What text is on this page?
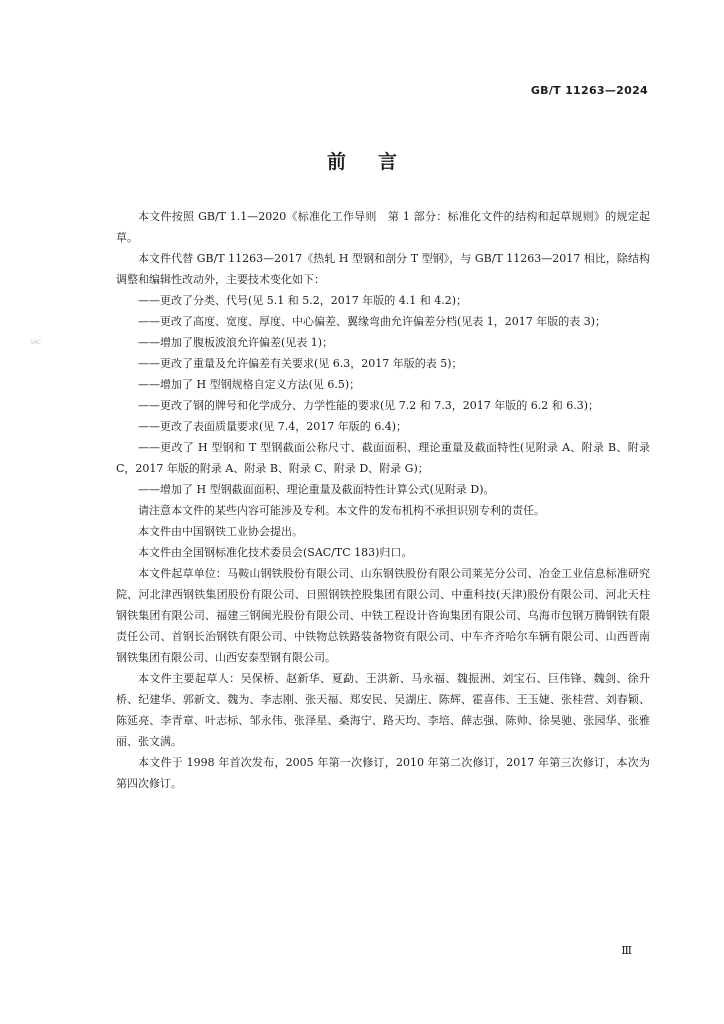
GB/T 11263—2024
SAC
前言

本文件按照 GB/T 1.1—2020《标准化工作导则　第 1 部分：标准化文件的结构和起草规则》的规定起草。

本文件代替 GB/T 11263—2017《热轧 H 型钢和剖分 T 型钢》，与 GB/T 11263—2017 相比，除结构调整和编辑性改动外，主要技术变化如下：

——更改了分类、代号(见 5.1 和 5.2，2017 年版的 4.1 和 4.2)；

——更改了高度、宽度、厚度、中心偏差、翼缘弯曲允许偏差分档(见表 1，2017 年版的表 3)；

——增加了腹板波浪允许偏差(见表 1)；

——更改了重量及允许偏差有关要求(见 6.3，2017 年版的表 5)；

——增加了 H 型钢规格自定义方法(见 6.5)；

——更改了钢的牌号和化学成分、力学性能的要求(见 7.2 和 7.3，2017 年版的 6.2 和 6.3)；

——更改了表面质量要求(见 7.4，2017 年版的 6.4)；

——更改了 H 型钢和 T 型钢截面公称尺寸、截面面积、理论重量及截面特性(见附录 A、附录 B、附录 C，2017 年版的附录 A、附录 B、附录 C、附录 D、附录 G)；

——增加了 H 型钢截面面积、理论重量及截面特性计算公式(见附录 D)。

请注意本文件的某些内容可能涉及专利。本文件的发布机构不承担识别专利的责任。

本文件由中国钢铁工业协会提出。

本文件由全国钢标准化技术委员会(SAC/TC 183)归口。

本文件起草单位：马鞍山钢铁股份有限公司、山东钢铁股份有限公司莱芜分公司、冶金工业信息标准研究院、河北津西钢铁集团股份有限公司、日照钢铁控股集团有限公司、中重科技(天津)股份有限公司、河北天柱钢铁集团有限公司、福建三钢闽光股份有限公司、中铁工程设计咨询集团有限公司、乌海市包钢万腾钢铁有限责任公司、首钢长治钢铁有限公司、中铁物总铁路装备物资有限公司、中车齐齐哈尔车辆有限公司、山西晋南钢铁集团有限公司、山西安泰型钢有限公司。

本文件主要起草人：吴保桥、赵新华、夏勐、王洪新、马永福、魏振洲、刘宝石、巨伟锋、魏剑、徐升桥、纪建华、郭新文、魏为、李志刚、张天福、郑安民、吴湖庄、陈辉、霍喜伟、王玉婕、张桂营、刘春颖、陈延亮、李青章、叶志标、邹永伟、张泽星、桑海宁、路天均、李培、薛志强、陈帅、徐昊驰、张园华、张雅丽、张文满。

本文件于 1998 年首次发布，2005 年第一次修订，2010 年第二次修订，2017 年第三次修订，本次为第四次修订。

Ⅲ
